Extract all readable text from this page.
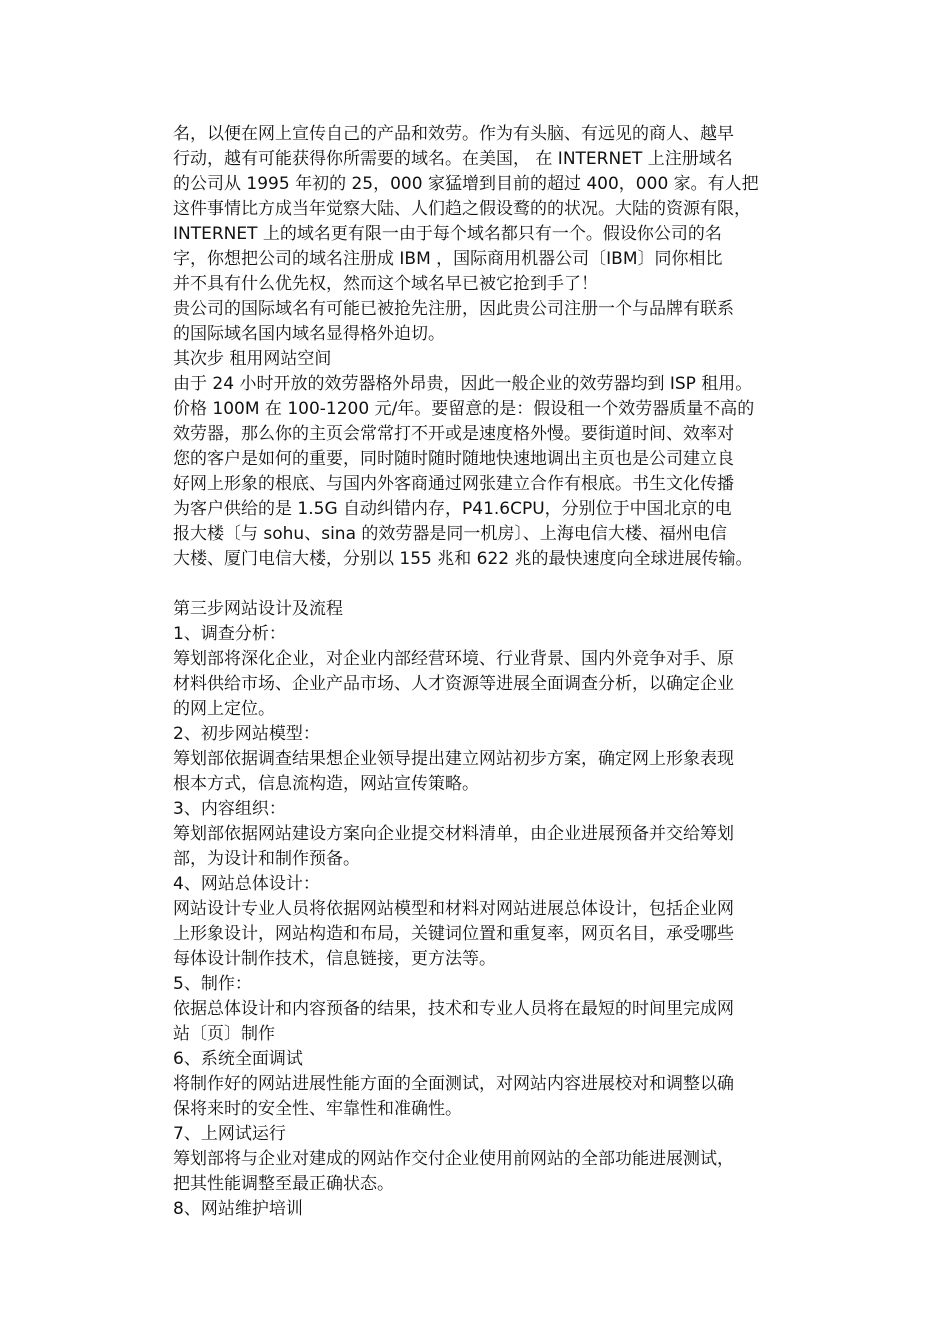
名，以便在网上宣传自己的产品和效劳。作为有头脑、有远见的商人、越早
行动，越有可能获得你所需要的域名。在美国， 在 INTERNET 上注册域名
的公司从 1995 年初的 25，000 家猛增到目前的超过 400，000 家。有人把
这件事情比方成当年觉察大陆、人们趋之假设鹜的的状况。大陆的资源有限，
INTERNET 上的域名更有限一由于每个域名都只有一个。假设你公司的名
字，你想把公司的域名注册成 IBM ，国际商用机器公司〔IBM〕同你相比
并不具有什么优先权，然而这个域名早已被它抢到手了！
贵公司的国际域名有可能已被抢先注册，因此贵公司注册一个与品牌有联系
的国际域名国内域名显得格外迫切。
其次步 租用网站空间
由于 24 小时开放的效劳器格外昂贵，因此一般企业的效劳器均到 ISP 租用。
价格 100M 在 100-1200 元/年。要留意的是：假设租一个效劳器质量不高的
效劳器，那么你的主页会常常打不开或是速度格外慢。要街道时间、效率对
您的客户是如何的重要，同时随时随时随地快速地调出主页也是公司建立良
好网上形象的根底、与国内外客商通过网张建立合作有根底。书生文化传播
为客户供给的是 1.5G 自动纠错内存，P41.6CPU，分别位于中国北京的电
报大楼〔与 sohu、sina 的效劳器是同一机房〕、上海电信大楼、福州电信
大楼、厦门电信大楼，分别以 155 兆和 622 兆的最快速度向全球进展传输。
第三步网站设计及流程
1、调查分析：
筹划部将深化企业，对企业内部经营环境、行业背景、国内外竞争对手、原
材料供给市场、企业产品市场、人才资源等进展全面调查分析，以确定企业
的网上定位。
2、初步网站模型：
筹划部依据调查结果想企业领导提出建立网站初步方案，确定网上形象表现
根本方式，信息流构造，网站宣传策略。
3、内容组织：
筹划部依据网站建设方案向企业提交材料清单，由企业进展预备并交给筹划
部，为设计和制作预备。
4、网站总体设计：
网站设计专业人员将依据网站模型和材料对网站进展总体设计，包括企业网
上形象设计，网站构造和布局，关键词位置和重复率，网页名目，承受哪些
每体设计制作技术，信息链接，更方法等。
5、制作：
依据总体设计和内容预备的结果，技术和专业人员将在最短的时间里完成网
站〔页〕制作
6、系统全面调试
将制作好的网站进展性能方面的全面测试，对网站内容进展校对和调整以确
保将来时的安全性、牢靠性和准确性。
7、上网试运行
筹划部将与企业对建成的网站作交付企业使用前网站的全部功能进展测试，
把其性能调整至最正确状态。
8、网站维护培训
